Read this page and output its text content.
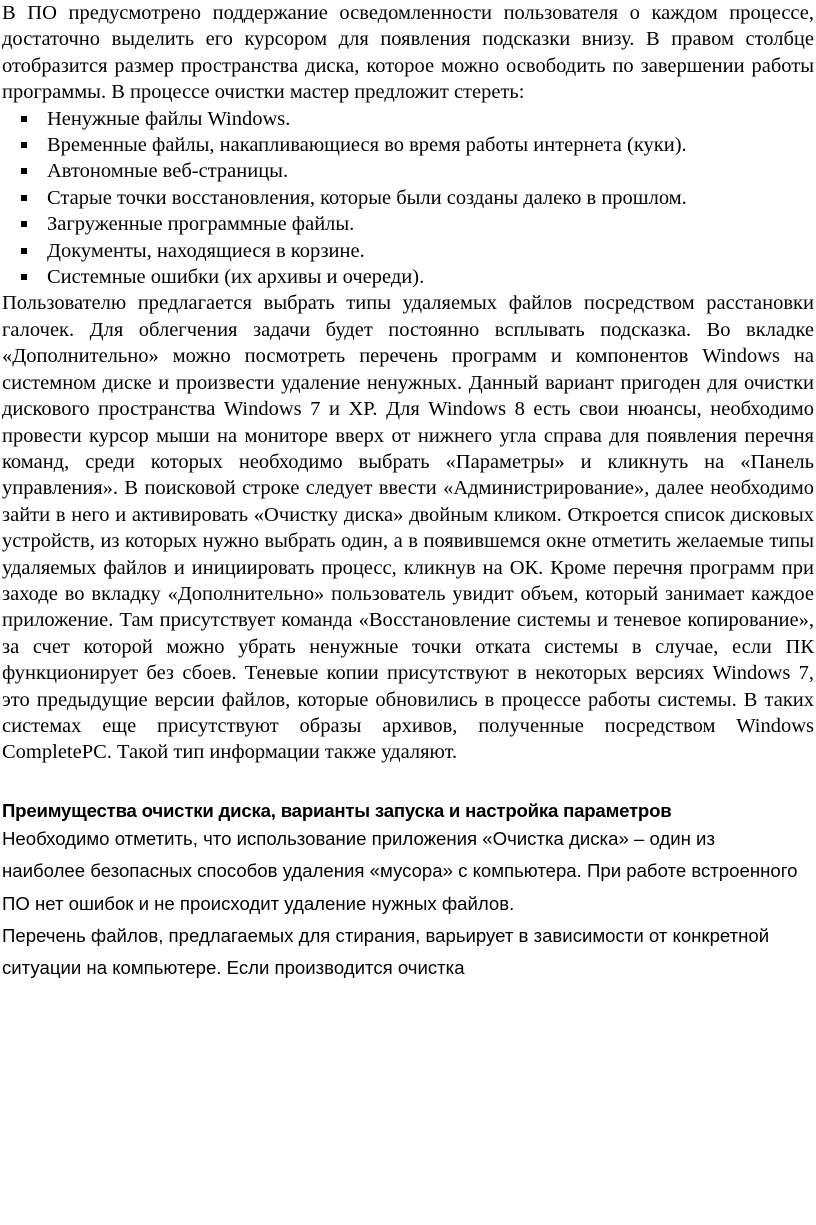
В ПО предусмотрено поддержание осведомленности пользователя о каждом процессе, достаточно выделить его курсором для появления подсказки внизу. В правом столбце отобразится размер пространства диска, которое можно освободить по завершении работы программы. В процессе очистки мастер предложит стереть:

Ненужные файлы Windows.
Временные файлы, накапливающиеся во время работы интернета (куки).
Автономные веб-страницы.
Старые точки восстановления, которые были созданы далеко в прошлом.
Загруженные программные файлы.
Документы, находящиеся в корзине.
Системные ошибки (их архивы и очереди).

Пользователю предлагается выбрать типы удаляемых файлов посредством расстановки галочек. Для облегчения задачи будет постоянно всплывать подсказка. Во вкладке «Дополнительно» можно посмотреть перечень программ и компонентов Windows на системном диске и произвести удаление ненужных. Данный вариант пригоден для очистки дискового пространства Windows 7 и XP. Для Windows 8 есть свои нюансы, необходимо провести курсор мыши на мониторе вверх от нижнего угла справа для появления перечня команд, среди которых необходимо выбрать «Параметры» и кликнуть на «Панель управления». В поисковой строке следует ввести «Администрирование», далее необходимо зайти в него и активировать «Очистку диска» двойным кликом. Откроется список дисковых устройств, из которых нужно выбрать один, а в появившемся окне отметить желаемые типы удаляемых файлов и инициировать процесс, кликнув на ОК. Кроме перечня программ при заходе во вкладку «Дополнительно» пользователь увидит объем, который занимает каждое приложение. Там присутствует команда «Восстановление системы и теневое копирование», за счет которой можно убрать ненужные точки отката системы в случае, если ПК функционирует без сбоев. Теневые копии присутствуют в некоторых версиях Windows 7, это предыдущие версии файлов, которые обновились в процессе работы системы. В таких системах еще присутствуют образы архивов, полученные посредством Windows CompletePC. Такой тип информации также удаляют.

Преимущества очистки диска, варианты запуска и настройка параметров

Необходимо отметить, что использование приложения «Очистка диска» – один из наиболее безопасных способов удаления «мусора» с компьютера. При работе встроенного ПО нет ошибок и не происходит удаление нужных файлов.

Перечень файлов, предлагаемых для стирания, варьирует в зависимости от конкретной ситуации на компьютере. Если производится очистка
